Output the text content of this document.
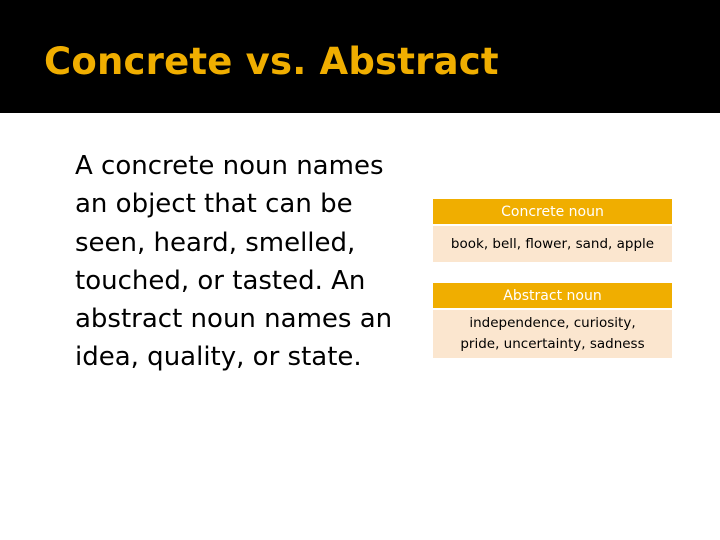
Concrete vs. Abstract
A concrete noun names an object that can be seen, heard, smelled, touched, or tasted. An abstract noun names an idea, quality, or state.
Concrete noun
book, bell, flower, sand, apple
Abstract noun
independence, curiosity,
pride, uncertainty, sadness
